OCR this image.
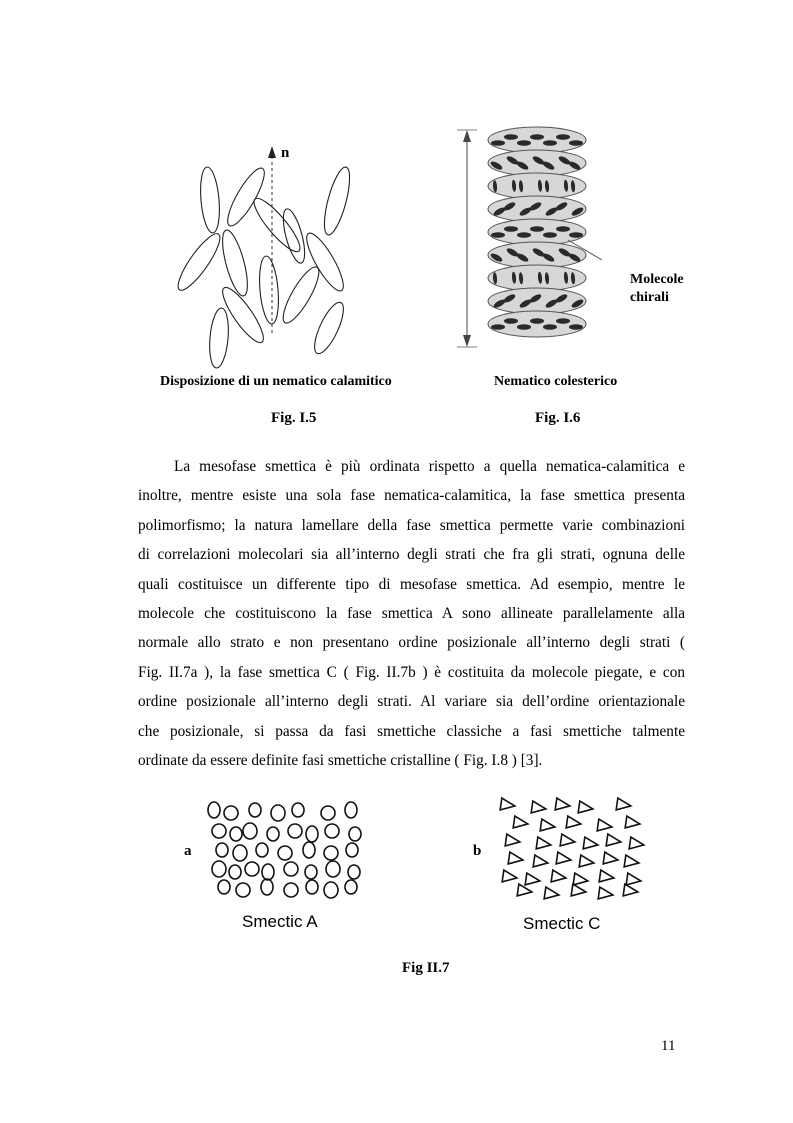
n
Molecole
chirali
Disposizione di un nematico calamitico	Nematico colesterico
Fig. I.5	Fig. I.6
La mesofase smettica è più ordinata rispetto a quella nematica-calamitica e
inoltre, mentre esiste una sola fase nematica-calamitica, la fase smettica presenta
polimorfismo; la natura lamellare della fase smettica permette varie combinazioni
di correlazioni molecolari sia all’interno degli strati che fra gli strati, ognuna delle
quali costituisce un differente tipo di mesofase smettica. Ad esempio, mentre le
molecole che costituiscono la fase smettica A sono allineate parallelamente alla
normale allo strato e non presentano ordine posizionale all’interno degli strati (
Fig. II.7a ), la fase smettica C ( Fig. II.7b ) è costituita da molecole piegate, e con
ordine posizionale all’interno degli strati. Al variare sia dell’ordine orientazionale
che posizionale, si passa da fasi smettiche classiche a fasi smettiche talmente
ordinate da essere definite fasi smettiche cristalline ( Fig. I.8 ) [3].
a	b
Smectic A	Smectic C
Fig II.7
11
